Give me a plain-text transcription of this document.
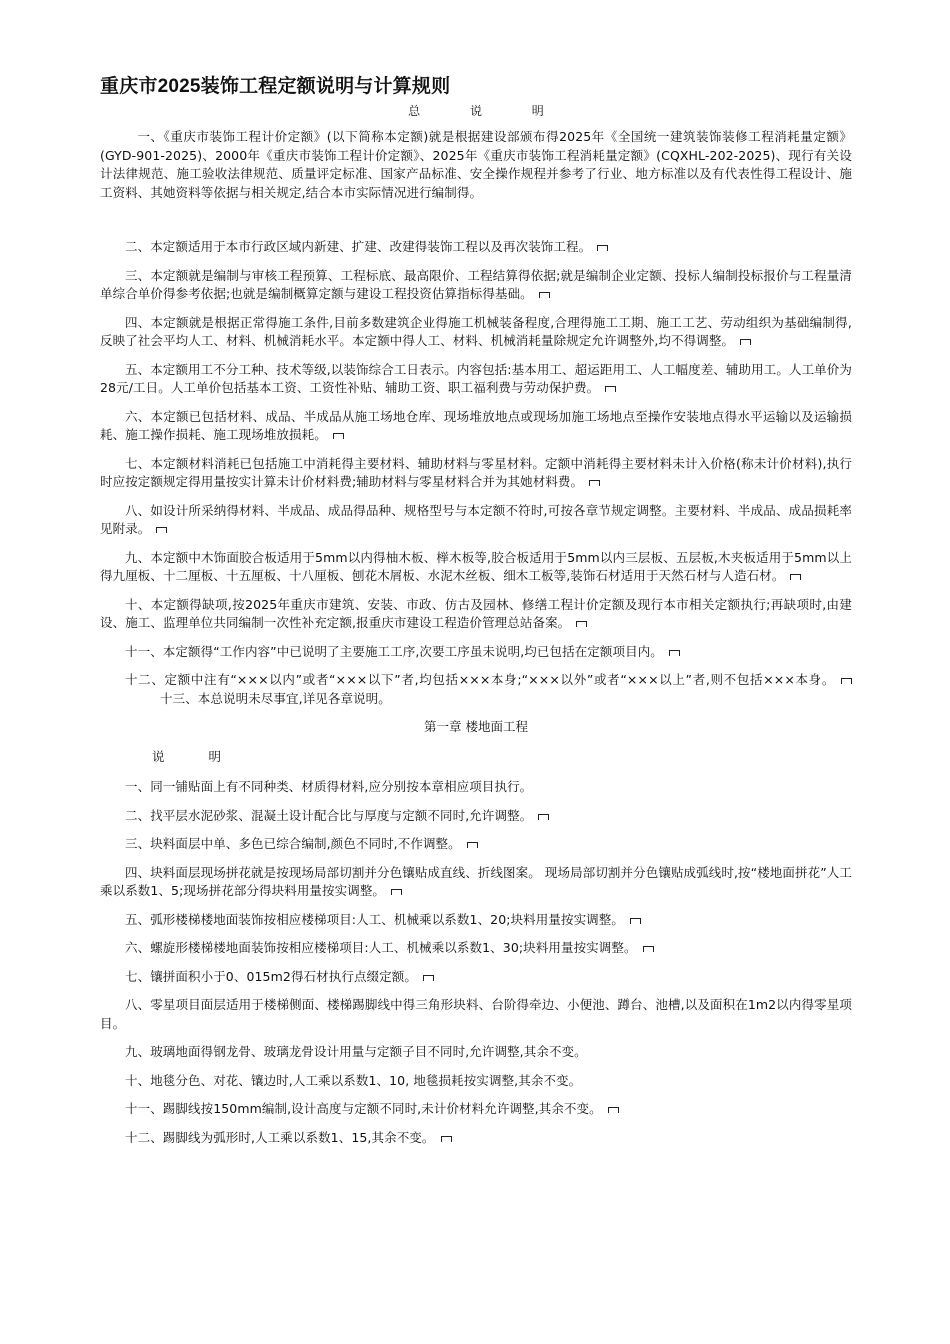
重庆市2025装饰工程定额说明与计算规则
总 说 明

一、《重庆市装饰工程计价定额》(以下简称本定额)就是根据建设部颁布得2025年《全国统一建筑装饰装修工程消耗量定额》(GYD-901-2025)、2000年《重庆市装饰工程计价定额》、2025年《重庆市装饰工程消耗量定额》(CQXHL-202-2025)、现行有关设计法律规范、施工验收法律规范、质量评定标准、国家产品标准、安全操作规程并参考了行业、地方标准以及有代表性得工程设计、施工资料、其她资料等依据与相关规定,结合本市实际情况进行编制得。

二、本定额适用于本市行政区域内新建、扩建、改建得装饰工程以及再次装饰工程。

三、本定额就是编制与审核工程预算、工程标底、最高限价、工程结算得依据;就是编制企业定额、投标人编制投标报价与工程量清单综合单价得参考依据;也就是编制概算定额与建设工程投资估算指标得基础。

四、本定额就是根据正常得施工条件,目前多数建筑企业得施工机械装备程度,合理得施工工期、施工工艺、劳动组织为基础编制得,反映了社会平均人工、材料、机械消耗水平。本定额中得人工、材料、机械消耗量除规定允许调整外,均不得调整。

五、本定额用工不分工种、技术等级,以装饰综合工日表示。内容包括:基本用工、超运距用工、人工幅度差、辅助用工。人工单价为28元/工日。人工单价包括基本工资、工资性补贴、辅助工资、职工福利费与劳动保护费。

六、本定额已包括材料、成品、半成品从施工场地仓库、现场堆放地点或现场加施工场地点至操作安装地点得水平运输以及运输损耗、施工操作损耗、施工现场堆放损耗。

七、本定额材料消耗已包括施工中消耗得主要材料、辅助材料与零星材料。定额中消耗得主要材料未计入价格(称未计价材料),执行时应按定额规定得用量按实计算未计价材料费;辅助材料与零星材料合并为其她材料费。

八、如设计所采纳得材料、半成品、成品得品种、规格型号与本定额不符时,可按各章节规定调整。主要材料、半成品、成品损耗率见附录。

九、本定额中木饰面胶合板适用于5mm以内得柚木板、榉木板等,胶合板适用于5mm以内三层板、五层板,木夹板适用于5mm以上得九厘板、十二厘板、十五厘板、十八厘板、刨花木屑板、水泥木丝板、细木工板等,装饰石材适用于天然石材与人造石材。

十、本定额得缺项,按2025年重庆市建筑、安装、市政、仿古及园林、修缮工程计价定额及现行本市相关定额执行;再缺项时,由建设、施工、监理单位共同编制一次性补充定额,报重庆市建设工程造价管理总站备案。

十一、本定额得“工作内容”中已说明了主要施工工序,次要工序虽未说明,均已包括在定额项目内。

十二、定额中注有“×××以内”或者“×××以下”者,均包括×××本身;“×××以外”或者“×××以上”者,则不包括×××本身。十三、本总说明未尽事宜,详见各章说明。

第一章 楼地面工程
说 明

一、同一铺贴面上有不同种类、材质得材料,应分别按本章相应项目执行。

二、找平层水泥砂浆、混凝土设计配合比与厚度与定额不同时,允许调整。

三、块料面层中单、多色已综合编制,颜色不同时,不作调整。

四、块料面层现场拼花就是按现场局部切割并分色镶贴成直线、折线图案。 现场局部切割并分色镶贴成弧线时,按“楼地面拼花”人工乘以系数1、5;现场拼花部分得块料用量按实调整。

五、弧形楼梯楼地面装饰按相应楼梯项目:人工、机械乘以系数1、20;块料用量按实调整。

六、螺旋形楼梯楼地面装饰按相应楼梯项目:人工、机械乘以系数1、30;块料用量按实调整。

七、镶拼面积小于0、015m2得石材执行点缀定额。

八、零星项目面层适用于楼梯侧面、楼梯踢脚线中得三角形块料、台阶得牵边、小便池、蹲台、池槽,以及面积在1m2以内得零星项目。

九、玻璃地面得钢龙骨、玻璃龙骨设计用量与定额子目不同时,允许调整,其余不变。

十、地毯分色、对花、镶边时,人工乘以系数1、10, 地毯损耗按实调整,其余不变。

十一、踢脚线按150mm编制,设计高度与定额不同时,未计价材料允许调整,其余不变。

十二、踢脚线为弧形时,人工乘以系数1、15,其余不变。
